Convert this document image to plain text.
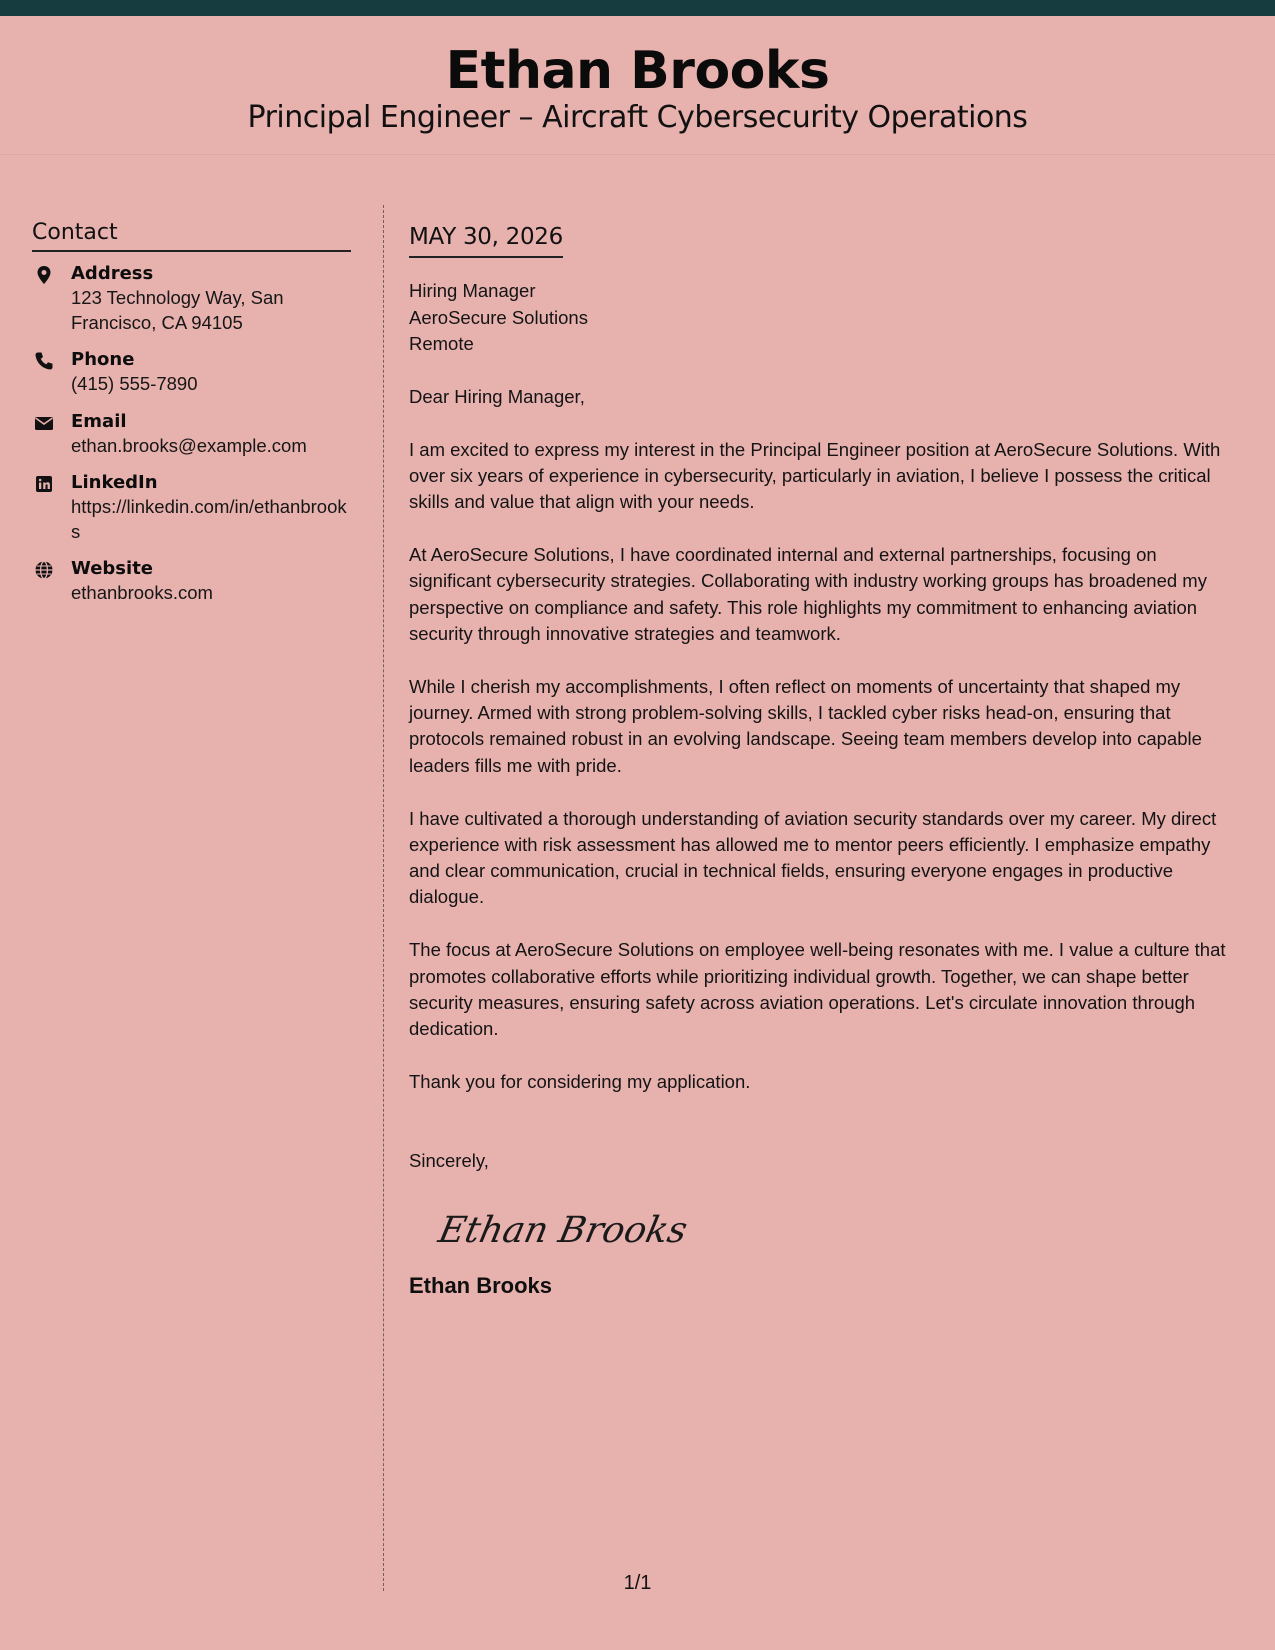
Ethan Brooks

Principal Engineer – Aircraft Cybersecurity Operations

Contact
Address
123 Technology Way, San Francisco, CA 94105
Phone
(415) 555-7890
Email
ethan.brooks@example.com
LinkedIn
https://linkedin.com/in/ethanbrooks
Website
ethanbrooks.com
MAY 30, 2026
Hiring Manager
AeroSecure Solutions
Remote

Dear Hiring Manager,

I am excited to express my interest in the Principal Engineer position at AeroSecure Solutions. With over six years of experience in cybersecurity, particularly in aviation, I believe I possess the critical skills and value that align with your needs.

At AeroSecure Solutions, I have coordinated internal and external partnerships, focusing on significant cybersecurity strategies. Collaborating with industry working groups has broadened my perspective on compliance and safety. This role highlights my commitment to enhancing aviation security through innovative strategies and teamwork.

While I cherish my accomplishments, I often reflect on moments of uncertainty that shaped my journey. Armed with strong problem-solving skills, I tackled cyber risks head-on, ensuring that protocols remained robust in an evolving landscape. Seeing team members develop into capable leaders fills me with pride.

I have cultivated a thorough understanding of aviation security standards over my career. My direct experience with risk assessment has allowed me to mentor peers efficiently. I emphasize empathy and clear communication, crucial in technical fields, ensuring everyone engages in productive dialogue.

The focus at AeroSecure Solutions on employee well-being resonates with me. I value a culture that promotes collaborative efforts while prioritizing individual growth. Together, we can shape better security measures, ensuring safety across aviation operations. Let's circulate innovation through dedication.

Thank you for considering my application.

Sincerely,

Ethan Brooks
Ethan Brooks
1/1
